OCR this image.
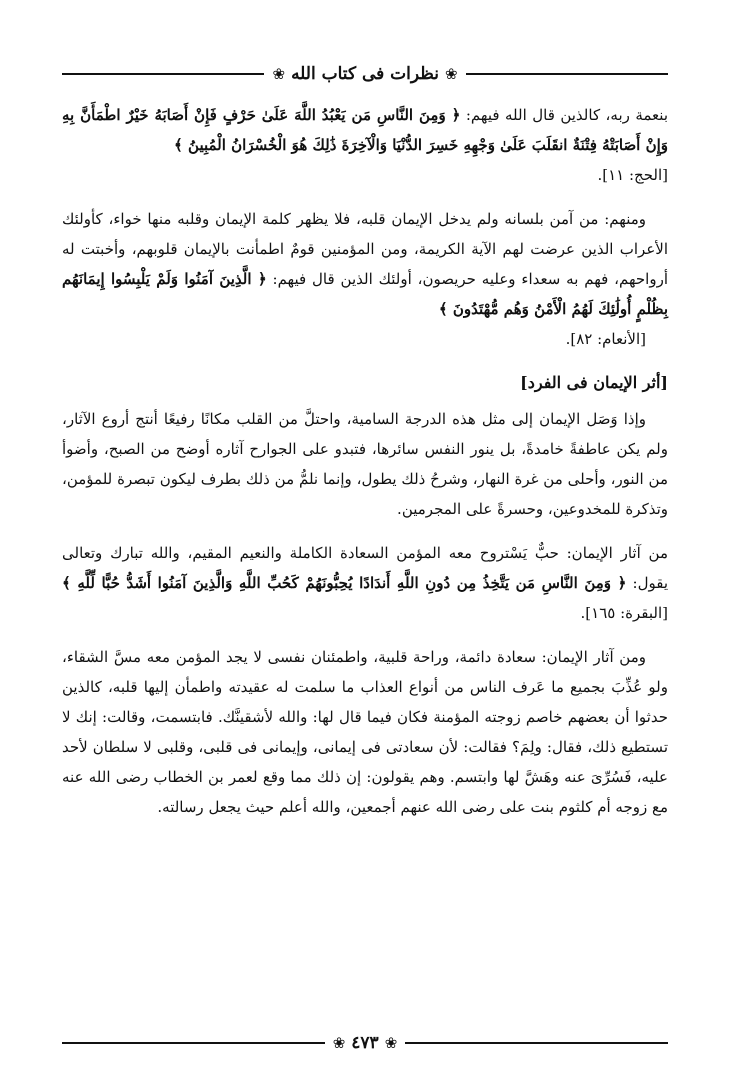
❀ نظرات فى كتاب الله ❀

بنعمة ربه، كالذين قال الله فيهم: ﴿ وَمِنَ النَّاسِ مَن يَعْبُدُ اللَّهَ عَلَىٰ حَرْفٍ فَإِنْ أَصَابَهُ خَيْرٌ اطْمَأَنَّ بِهِ وَإِنْ أَصَابَتْهُ فِتْنَةٌ انقَلَبَ عَلَىٰ وَجْهِهِ خَسِرَ الدُّنْيَا وَالْآخِرَةَ ذَٰلِكَ هُوَ الْخُسْرَانُ الْمُبِينُ ﴾
[الحج: ١١].

ومنهم: من آمن بلسانه ولم يدخل الإيمان قلبه، فلا يظهر كلمة الإيمان وقلبه منها خواء، كأولئك الأعراب الذين عرضت لهم الآية الكريمة، ومن المؤمنين قومٌ اطمأنت بالإيمان قلوبهم، وأخبتت له أرواحهم، فهم به سعداء وعليه حريصون، أولئك الذين قال فيهم: ﴿ الَّذِينَ آمَنُوا وَلَمْ يَلْبِسُوا إِيمَانَهُم بِظُلْمٍ أُولَٰئِكَ لَهُمُ الْأَمْنُ وَهُم مُّهْتَدُونَ ﴾
[الأنعام: ٨٢].

[أثر الإيمان فى الفرد]

وإذا وَصَل الإيمان إلى مثل هذه الدرجة السامية، واحتلَّ من القلب مكانًا رفيعًا أنتج أروع الآثار، ولم يكن عاطفةً خامدةً، بل ينور النفس سائرها، فتبدو على الجوارح آثاره أوضح من الصبح، وأضوأ من النور، وأحلى من غرة النهار، وشرحُ ذلك يطول، وإنما نلمُّ من ذلك بطرف ليكون تبصرة للمؤمن، وتذكرة للمخدوعين، وحسرةً على المجرمين.

من آثار الإيمان: حبٌّ يَسْتروح معه المؤمن السعادة الكاملة والنعيم المقيم، والله تبارك وتعالى يقول: ﴿ وَمِنَ النَّاسِ مَن يَتَّخِذُ مِن دُونِ اللَّهِ أَندَادًا يُحِبُّونَهُمْ كَحُبِّ اللَّهِ وَالَّذِينَ آمَنُوا أَشَدُّ حُبًّا لِّلَّهِ ﴾ [البقرة: ١٦٥].

ومن آثار الإيمان: سعادة دائمة، وراحة قلبية، واطمئنان نفسى لا يجد المؤمن معه مسَّ الشقاء، ولو عُذِّبَ بجميع ما عَرف الناس من أنواع العذاب ما سلمت له عقيدته واطمأن إليها قلبه، كالذين حدثوا أن بعضهم خاصم زوجته المؤمنة فكان فيما قال لها: والله لأشقينَّك. فابتسمت، وقالت: إنك لا تستطيع ذلك، فقال: ولِمَ؟ فقالت: لأن سعادتى فى إيمانى، وإيمانى فى قلبى، وقلبى لا سلطان لأحد عليه، فَسُرِّىَ عنه وهَشَّ لها وابتسم. وهم يقولون: إن ذلك مما وقع لعمر بن الخطاب رضى الله عنه مع زوجه أم كلثوم بنت على رضى الله عنهم أجمعين، والله أعلم حيث يجعل رسالته.

❀ ٤٧٣ ❀
